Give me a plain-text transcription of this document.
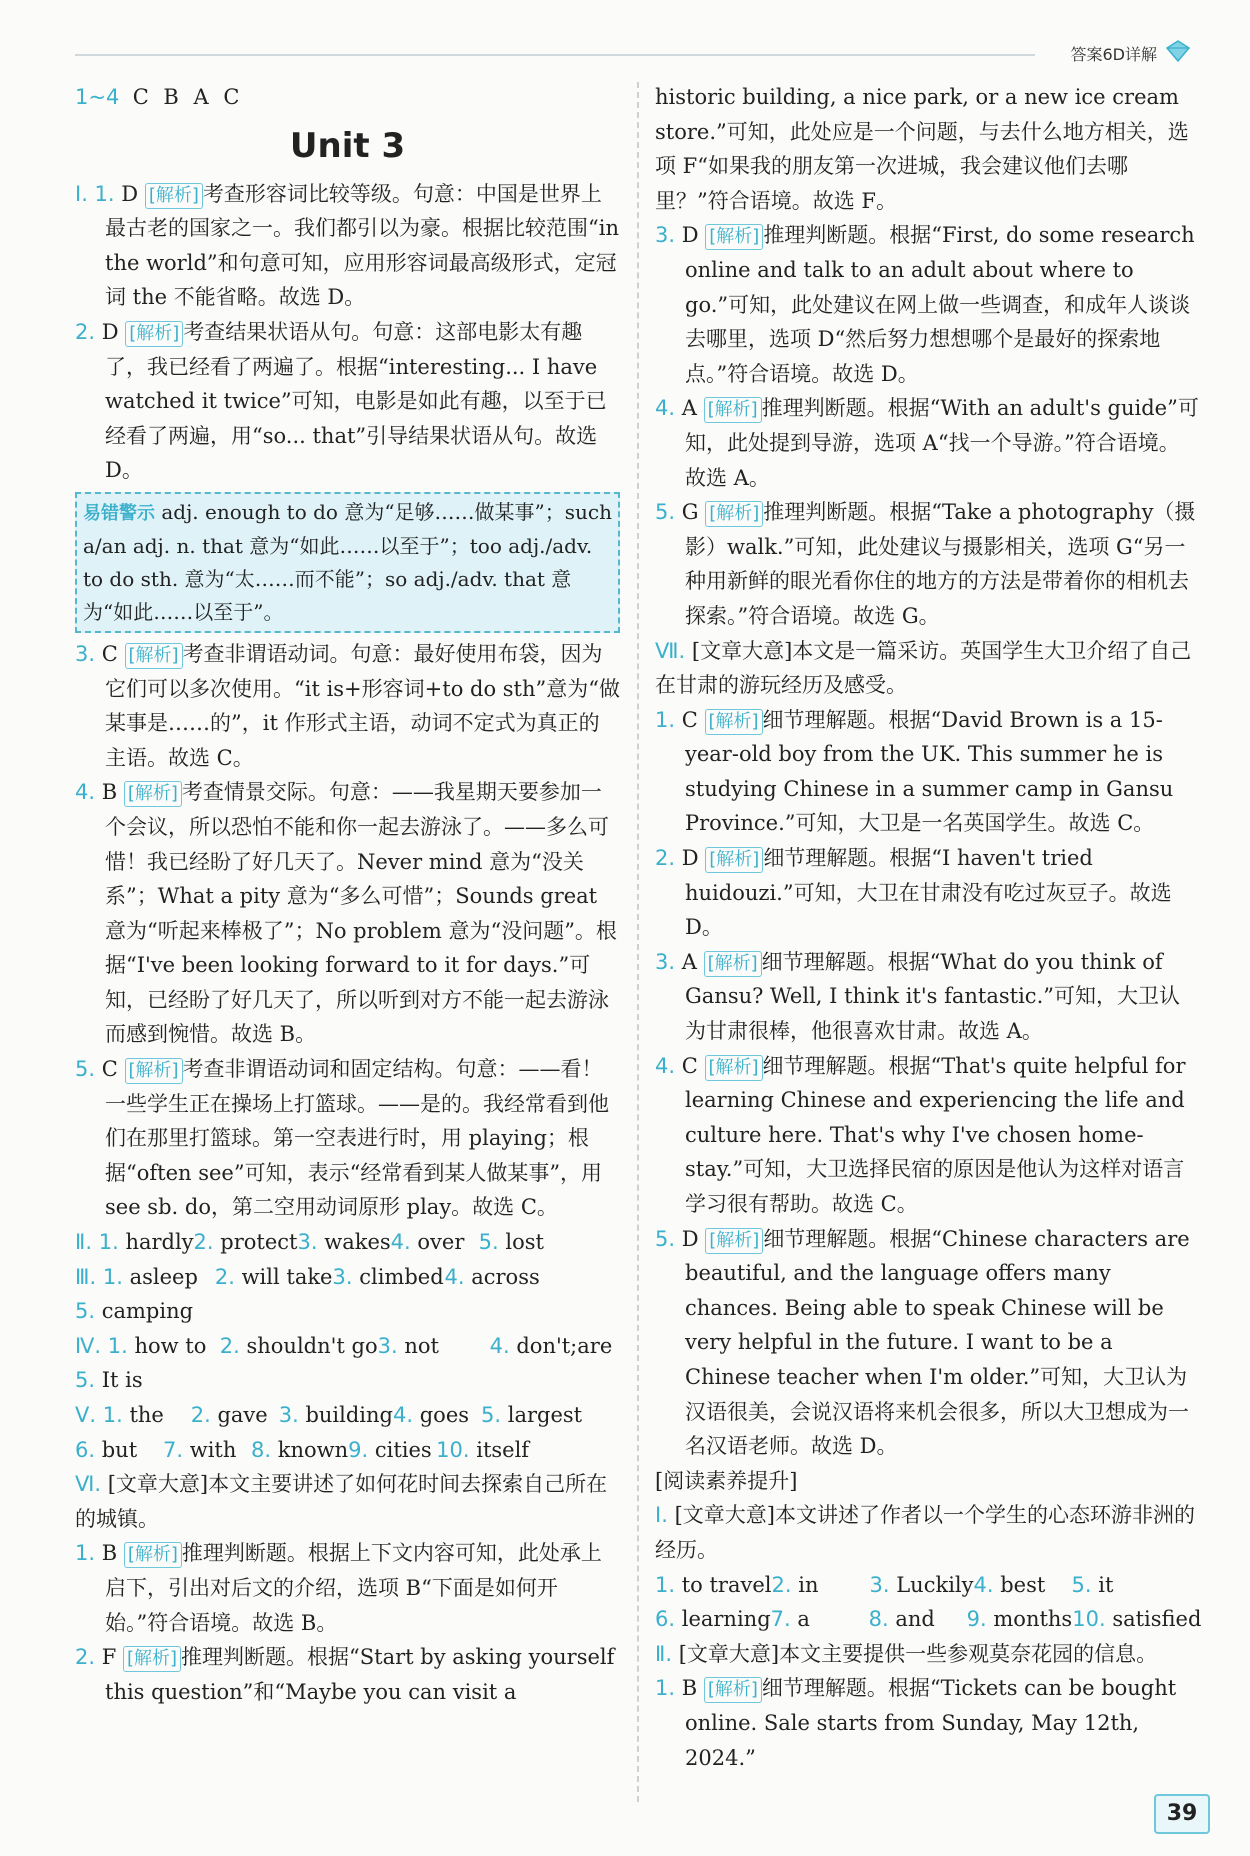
答案6D详解
1~4 C B A C
Unit 3
Ⅰ. 1. D [解析] 考查形容词比较等级。句意：中国是世界上最古老的国家之一。我们都引以为豪。根据比较范围“in the world”和句意可知，应用形容词最高级形式，定冠词 the 不能省略。故选 D。
2. D [解析] 考查结果状语从句。句意：这部电影太有趣了，我已经看了两遍了。根据“interesting... I have watched it twice”可知，电影是如此有趣，以至于已经看了两遍，用“so... that”引导结果状语从句。故选 D。
易错警示 adj. enough to do 意为“足够……做某事”；such a/an adj. n. that 意为“如此……以至于”；too adj./adv. to do sth. 意为“太……而不能”；so adj./adv. that 意为“如此……以至于”。
3. C [解析] 考查非谓语动词。句意：最好使用布袋，因为它们可以多次使用。“it is+形容词+to do sth”意为“做某事是……的”，it 作形式主语，动词不定式为真正的主语。故选 C。
4. B [解析] 考查情景交际。句意：——我星期天要参加一个会议，所以恐怕不能和你一起去游泳了。——多么可惜！我已经盼了好几天了。Never mind 意为“没关系”；What a pity 意为“多么可惜”；Sounds great 意为“听起来棒极了”；No problem 意为“没问题”。根据“I've been looking forward to it for days.”可知，已经盼了好几天了，所以听到对方不能一起去游泳而感到惋惜。故选 B。
5. C [解析] 考查非谓语动词和固定结构。句意：——看！一些学生正在操场上打篮球。——是的。我经常看到他们在那里打篮球。第一空表进行时，用 playing；根据“often see”可知，表示“经常看到某人做某事”，用 see sb. do，第二空用动词原形 play。故选 C。
Ⅱ. 1. hardly2. protect3. wakes4. over 5. lost
Ⅲ. 1. asleep 2. will take3. climbed4. across
5. camping
Ⅳ. 1. how to 2. shouldn't go3. not 4. don't;are
5. It is
Ⅴ. 1. the 2. gave 3. building4. goes 5. largest
6. but 7. with 8. known9. cities 10. itself
Ⅵ. [文章大意]本文主要讲述了如何花时间去探索自己所在的城镇。
1. B [解析] 推理判断题。根据上下文内容可知，此处承上启下，引出对后文的介绍，选项 B“下面是如何开始。”符合语境。故选 B。
2. F [解析] 推理判断题。根据“Start by asking yourself this question”和“Maybe you can visit a
historic building, a nice park, or a new ice cream store.”可知，此处应是一个问题，与去什么地方相关，选项 F“如果我的朋友第一次进城，我会建议他们去哪里？”符合语境。故选 F。
3. D [解析] 推理判断题。根据“First, do some research online and talk to an adult about where to go.”可知，此处建议在网上做一些调查，和成年人谈谈去哪里，选项 D“然后努力想想哪个是最好的探索地点。”符合语境。故选 D。
4. A [解析] 推理判断题。根据“With an adult's guide”可知，此处提到导游，选项 A“找一个导游。”符合语境。故选 A。
5. G [解析] 推理判断题。根据“Take a photography（摄影）walk.”可知，此处建议与摄影相关，选项 G“另一种用新鲜的眼光看你住的地方的方法是带着你的相机去探索。”符合语境。故选 G。
Ⅶ. [文章大意]本文是一篇采访。英国学生大卫介绍了自己在甘肃的游玩经历及感受。
1. C [解析] 细节理解题。根据“David Brown is a 15-year-old boy from the UK. This summer he is studying Chinese in a summer camp in Gansu Province.”可知，大卫是一名英国学生。故选 C。
2. D [解析] 细节理解题。根据“I haven't tried huidouzi.”可知，大卫在甘肃没有吃过灰豆子。故选 D。
3. A [解析] 细节理解题。根据“What do you think of Gansu? Well, I think it's fantastic.”可知，大卫认为甘肃很棒，他很喜欢甘肃。故选 A。
4. C [解析] 细节理解题。根据“That's quite helpful for learning Chinese and experiencing the life and culture here. That's why I've chosen home-stay.”可知，大卫选择民宿的原因是他认为这样对语言学习很有帮助。故选 C。
5. D [解析] 细节理解题。根据“Chinese characters are beautiful, and the language offers many chances. Being able to speak Chinese will be very helpful in the future. I want to be a Chinese teacher when I'm older.”可知，大卫认为汉语很美，会说汉语将来机会很多，所以大卫想成为一名汉语老师。故选 D。
[阅读素养提升]
Ⅰ. [文章大意]本文讲述了作者以一个学生的心态环游非洲的经历。
1. to travel2. in 3. Luckily4. best 5. it
6. learning7. a	8. and 9. months10. satisfied
Ⅱ. [文章大意]本文主要提供一些参观莫奈花园的信息。
1. B [解析] 细节理解题。根据“Tickets can be bought online. Sale starts from Sunday, May 12th, 2024.”
39
